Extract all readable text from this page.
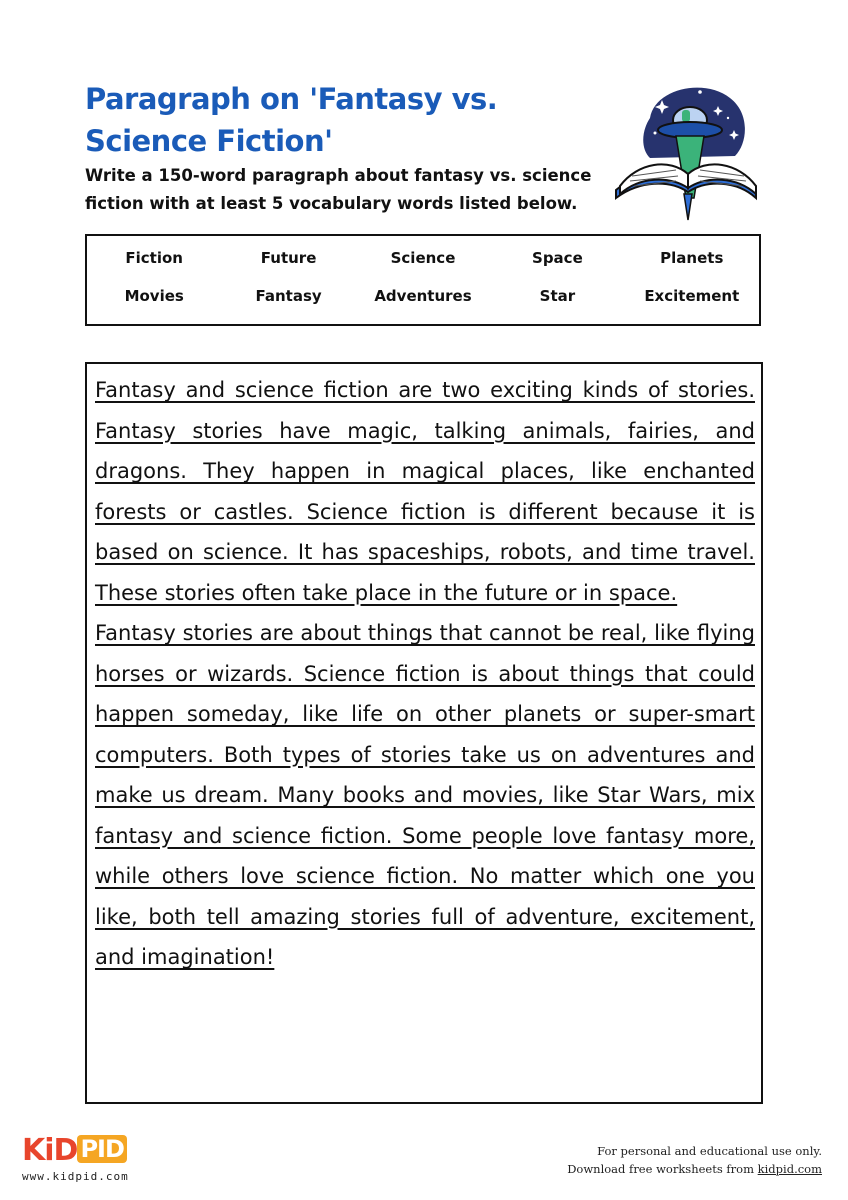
Paragraph on 'Fantasy vs. Science Fiction'

Write a 150-word paragraph about fantasy vs. science fiction with at least 5 vocabulary words listed below.

Fiction	Future	Science	Space	Planets
Movies	Fantasy	Adventures	Star	Excitement

Fantasy and science fiction are two exciting kinds of stories. Fantasy stories have magic, talking animals, fairies, and dragons. They happen in magical places, like enchanted forests or castles. Science fiction is different because it is based on science. It has spaceships, robots, and time travel. These stories often take place in the future or in space.

Fantasy stories are about things that cannot be real, like flying horses or wizards. Science fiction is about things that could happen someday, like life on other planets or super-smart computers. Both types of stories take us on adventures and make us dream. Many books and movies, like Star Wars, mix fantasy and science fiction. Some people love fantasy more, while others love science fiction. No matter which one you like, both tell amazing stories full of adventure, excitement, and imagination!

KiD PID
www.kidpid.com
For personal and educational use only.
Download free worksheets from kidpid.com
